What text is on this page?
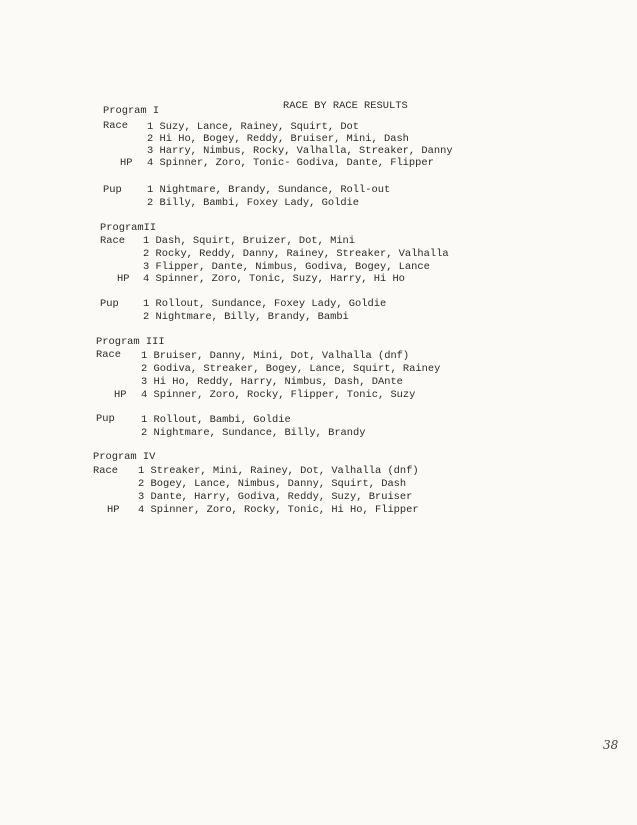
RACE BY RACE RESULTS
Program I
Race 1 Suzy, Lance, Rainey, Squirt, Dot
2 Hi Ho, Bogey, Reddy, Bruiser, Mini, Dash
3 Harry, Nimbus, Rocky, Valhalla, Streaker, Danny
HP 4 Spinner, Zoro, Tonic- Godiva, Dante, Flipper
Pup 1 Nightmare, Brandy, Sundance, Roll-out
2 Billy, Bambi, Foxey Lady, Goldie
ProgramII
Race 1 Dash, Squirt, Bruizer, Dot, Mini
2 Rocky, Reddy, Danny, Rainey, Streaker, Valhalla
3 Flipper, Dante, Nimbus, Godiva, Bogey, Lance
HP 4 Spinner, Zoro, Tonic, Suzy, Harry, Hi Ho
Pup 1 Rollout, Sundance, Foxey Lady, Goldie
2 Nightmare, Billy, Brandy, Bambi
Program III
Race 1 Bruiser, Danny, Mini, Dot, Valhalla (dnf)
2 Godiva, Streaker, Bogey, Lance, Squirt, Rainey
3 Hi Ho, Reddy, Harry, Nimbus, Dash, DAnte
HP 4 Spinner, Zoro, Rocky, Flipper, Tonic, Suzy
Pup	1 Rollout, Bambi, Goldie
2 Nightmare, Sundance, Billy, Brandy
Program IV
Race 1 Streaker, Mini, Rainey, Dot, Valhalla (dnf)
2 Bogey, Lance, Nimbus, Danny, Squirt, Dash
3 Dante, Harry, Godiva, Reddy, Suzy, Bruiser
HP 4 Spinner, Zoro, Rocky, Tonic, Hi Ho, Flipper
38
